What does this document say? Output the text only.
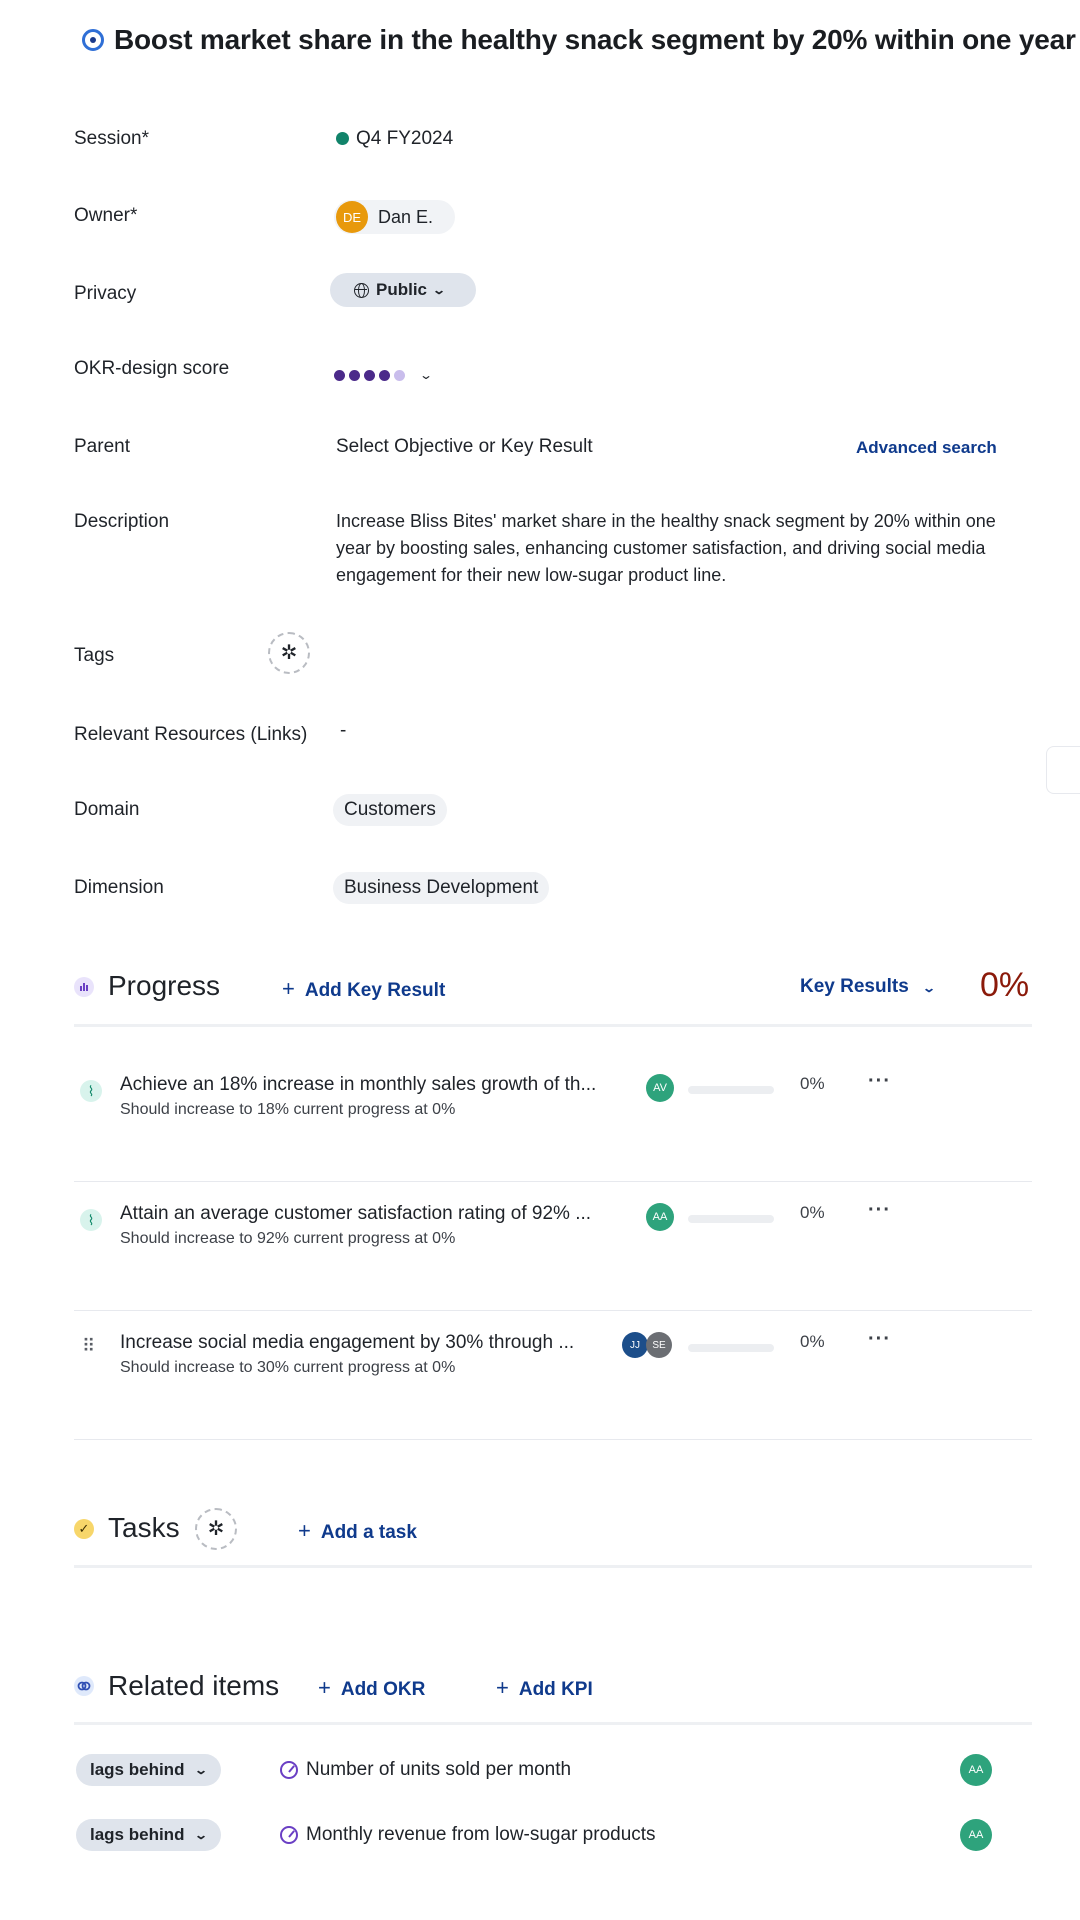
Boost market share in the healthy snack segment by 20% within one year
Session*	Q4 FY2024
Owner*	DE Dan E.
Privacy	Public ⌄
OKR-design score	⌄
Parent	Select Objective or Key Result	Advanced search
Description	Increase Bliss Bites' market share in the healthy snack segment by 20% within one year by boosting sales, enhancing customer satisfaction, and driving social media engagement for their new low-sugar product line.
Tags	✲
Relevant Resources (Links) -
Domain	Customers
Dimension	Business Development
Progress	+ Add Key Result	Key Results ⌄ 0%
⌇	Achieve an 18% increase in monthly sales growth of th...
Should increase to 18% current progress at 0%
AV	0% ···
⌇	Attain an average customer satisfaction rating of 92% ...
Should increase to 92% current progress at 0%
AA	0% ···
⠿ Increase social media engagement by 30% through ...
Should increase to 30% current progress at 0%
JJ	SE	0% ···
✓ Tasks ✲	+ Add a task
Related items + Add OKR	+ Add KPI
lags behind ⌄	Number of units sold per month	AA
lags behind ⌄	Monthly revenue from low-sugar products	AA
